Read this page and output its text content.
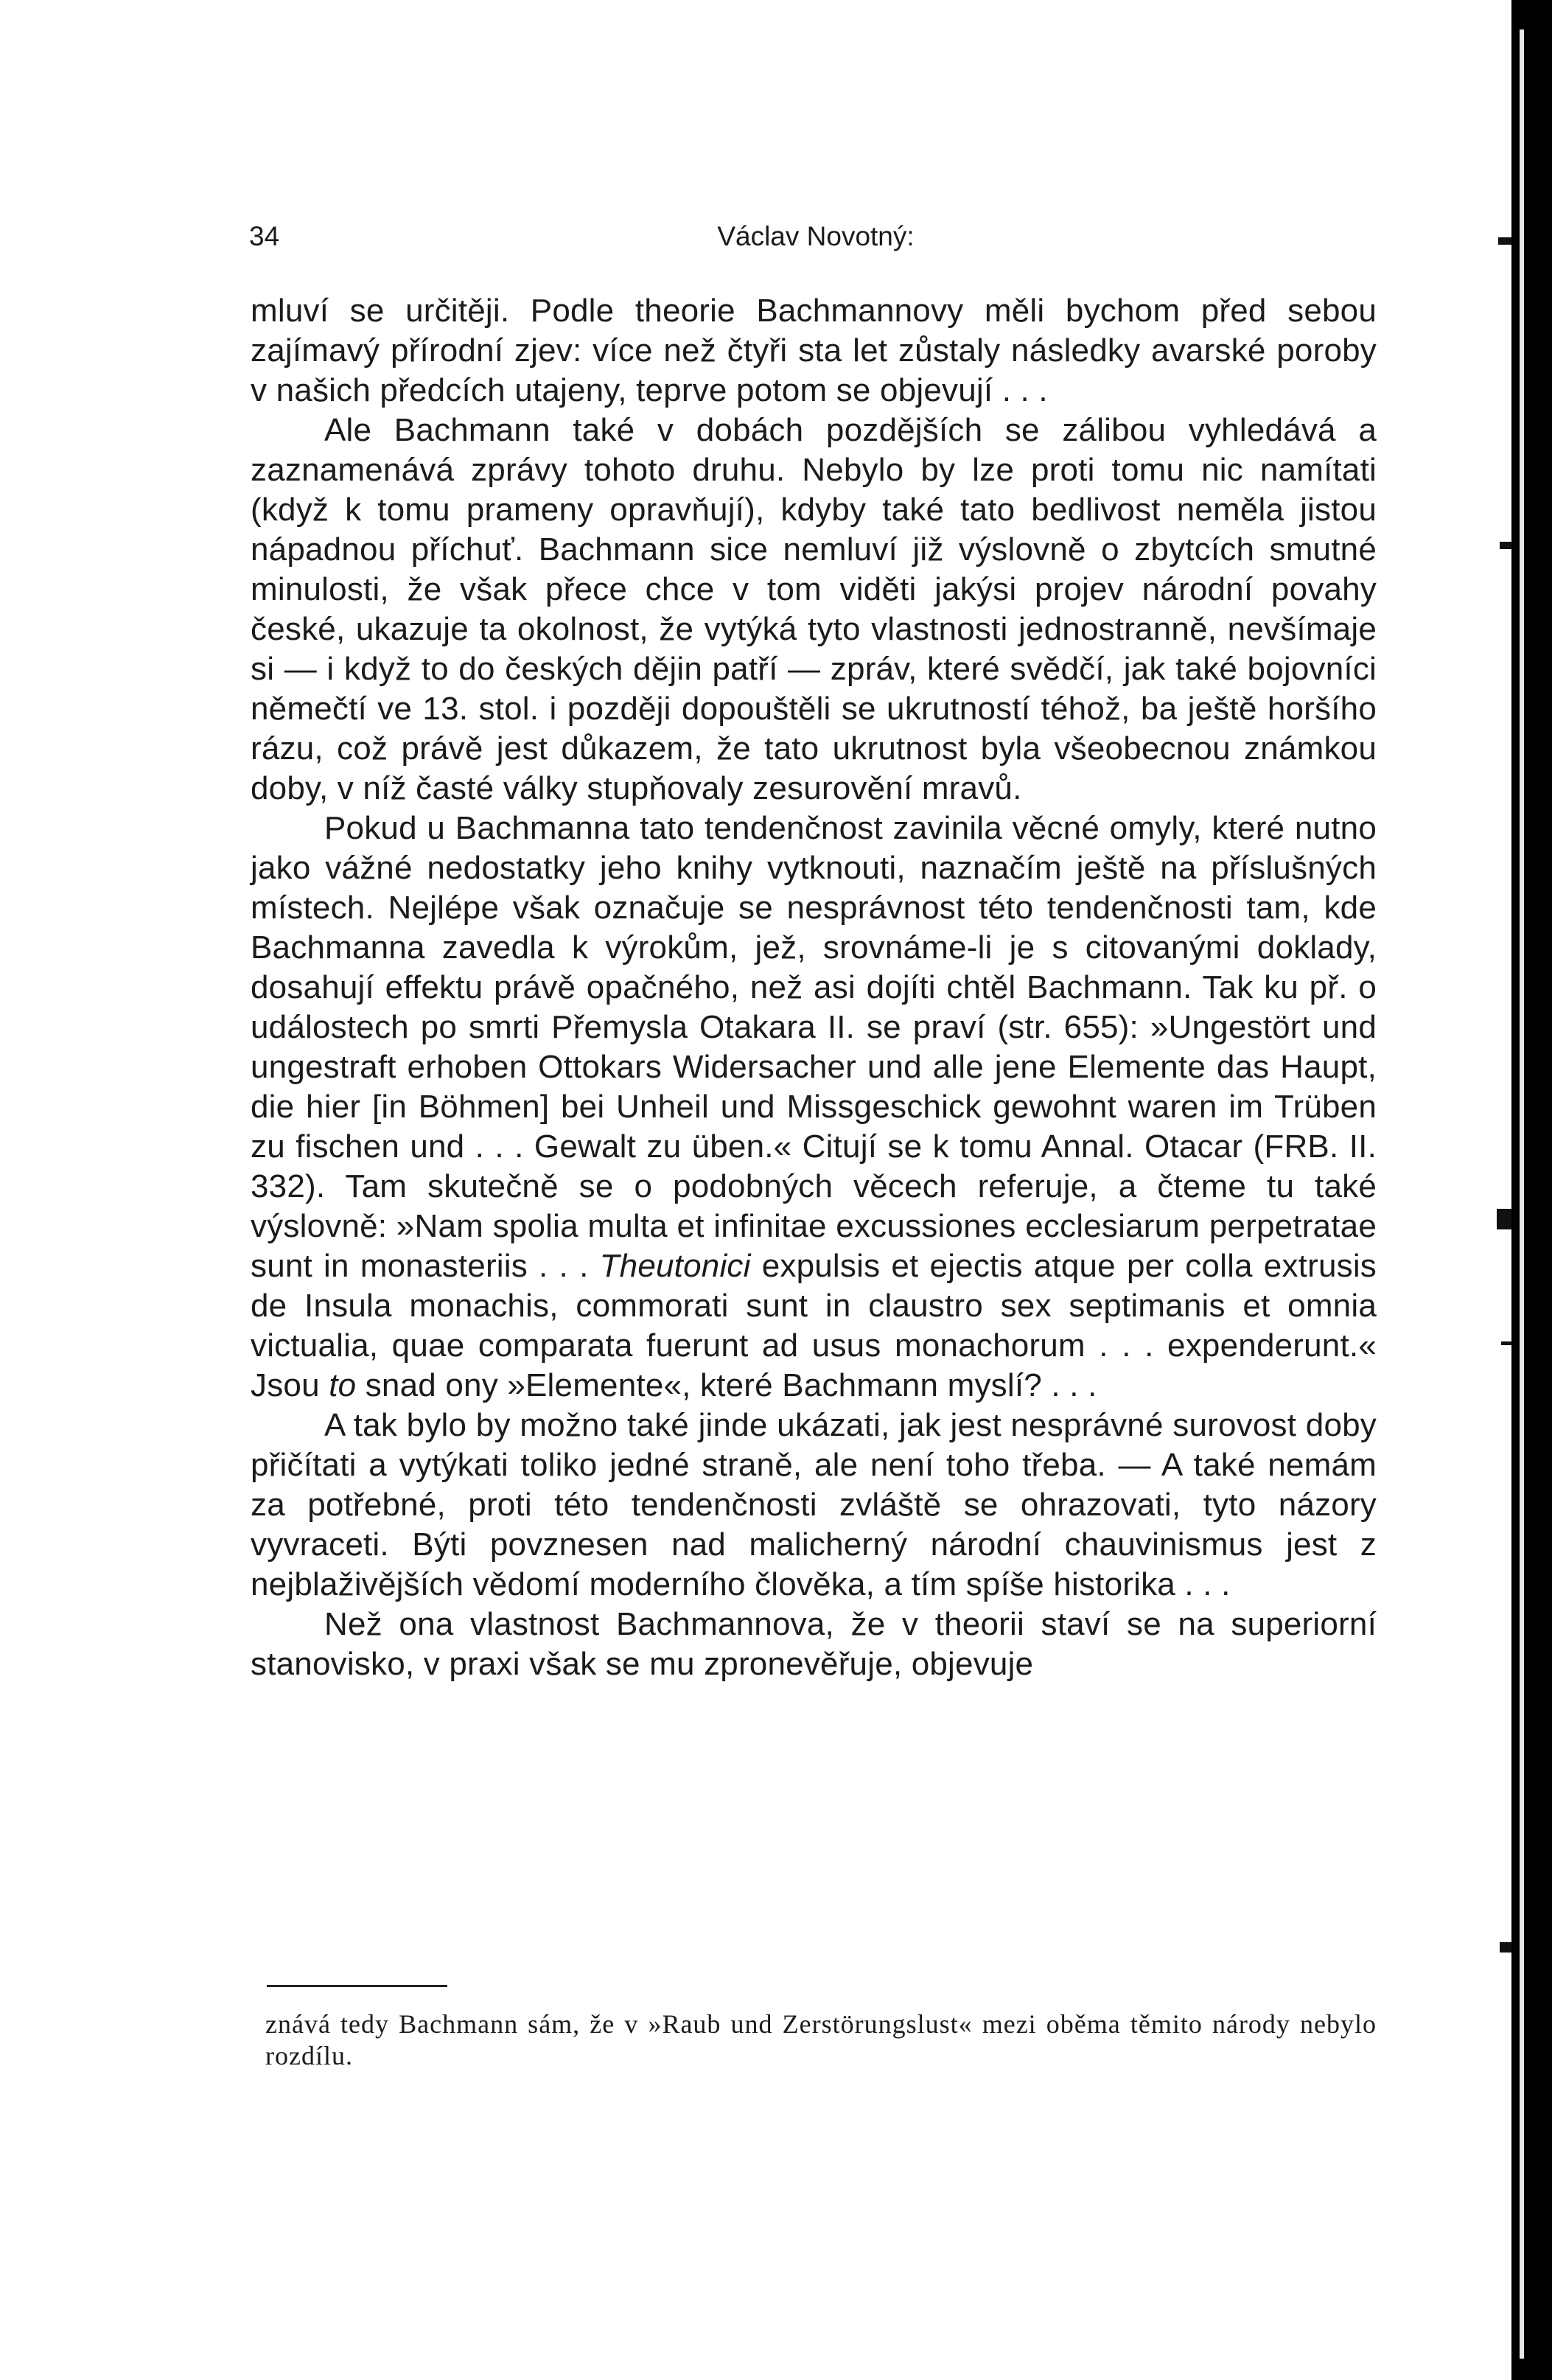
34	Václav Novotný:

mluví se určitěji. Podle theorie Bachmannovy měli bychom před sebou zajímavý přírodní zjev: více než čtyři sta let zůstaly následky avarské poroby v našich předcích utajeny, teprve potom se objevují . . .

Ale Bachmann také v dobách pozdějších se zálibou vyhledává a zaznamenává zprávy tohoto druhu. Nebylo by lze proti tomu nic namítati (když k tomu prameny opravňují), kdyby také tato bedlivost neměla jistou nápadnou příchuť. Bachmann sice nemluví již výslovně o zbytcích smutné minulosti, že však přece chce v tom viděti jakýsi projev národní povahy české, ukazuje ta okolnost, že vytýká tyto vlastnosti jednostranně, nevšímaje si — i když to do českých dějin patří — zpráv, které svědčí, jak také bojovníci němečtí ve 13. stol. i později dopouštěli se ukrutností téhož, ba ještě horšího rázu, což právě jest důkazem, že tato ukrutnost byla všeobecnou známkou doby, v níž časté války stupňovaly zesurovění mravů.

Pokud u Bachmanna tato tendenčnost zavinila věcné omyly, které nutno jako vážné nedostatky jeho knihy vytknouti, naznačím ještě na příslušných místech. Nejlépe však označuje se nesprávnost této tendenčnosti tam, kde Bachmanna zavedla k výrokům, jež, srovnáme-li je s citovanými doklady, dosahují effektu právě opačného, než asi dojíti chtěl Bachmann. Tak ku př. o událostech po smrti Přemysla Otakara II. se praví (str. 655): »Ungestört und ungestraft erhoben Ottokars Widersacher und alle jene Elemente das Haupt, die hier [in Böhmen] bei Unheil und Missgeschick gewohnt waren im Trüben zu fischen und . . . Gewalt zu üben.« Citují se k tomu Annal. Otacar (FRB. II. 332). Tam skutečně se o podobných věcech referuje, a čteme tu také výslovně: »Nam spolia multa et infinitae excussiones ecclesiarum perpetratae sunt in monasteriis . . . Theutonici expulsis et ejectis atque per colla extrusis de Insula monachis, commorati sunt in claustro sex septimanis et omnia victualia, quae comparata fuerunt ad usus monachorum . . . expenderunt.« Jsou to snad ony »Elemente«, které Bachmann myslí? . . .

A tak bylo by možno také jinde ukázati, jak jest nesprávné surovost doby přičítati a vytýkati toliko jedné straně, ale není toho třeba. — A také nemám za potřebné, proti této tendenčnosti zvláště se ohrazovati, tyto názory vyvraceti. Býti povznesen nad malicherný národní chauvinismus jest z nejblaživějších vědomí moderního člověka, a tím spíše historika . . .

Než ona vlastnost Bachmannova, že v theorii staví se na superiorní stanovisko, v praxi však se mu zpronevěřuje, objevuje

znává tedy Bachmann sám, že v »Raub und Zerstörungslust« mezi oběma těmito národy nebylo rozdílu.
